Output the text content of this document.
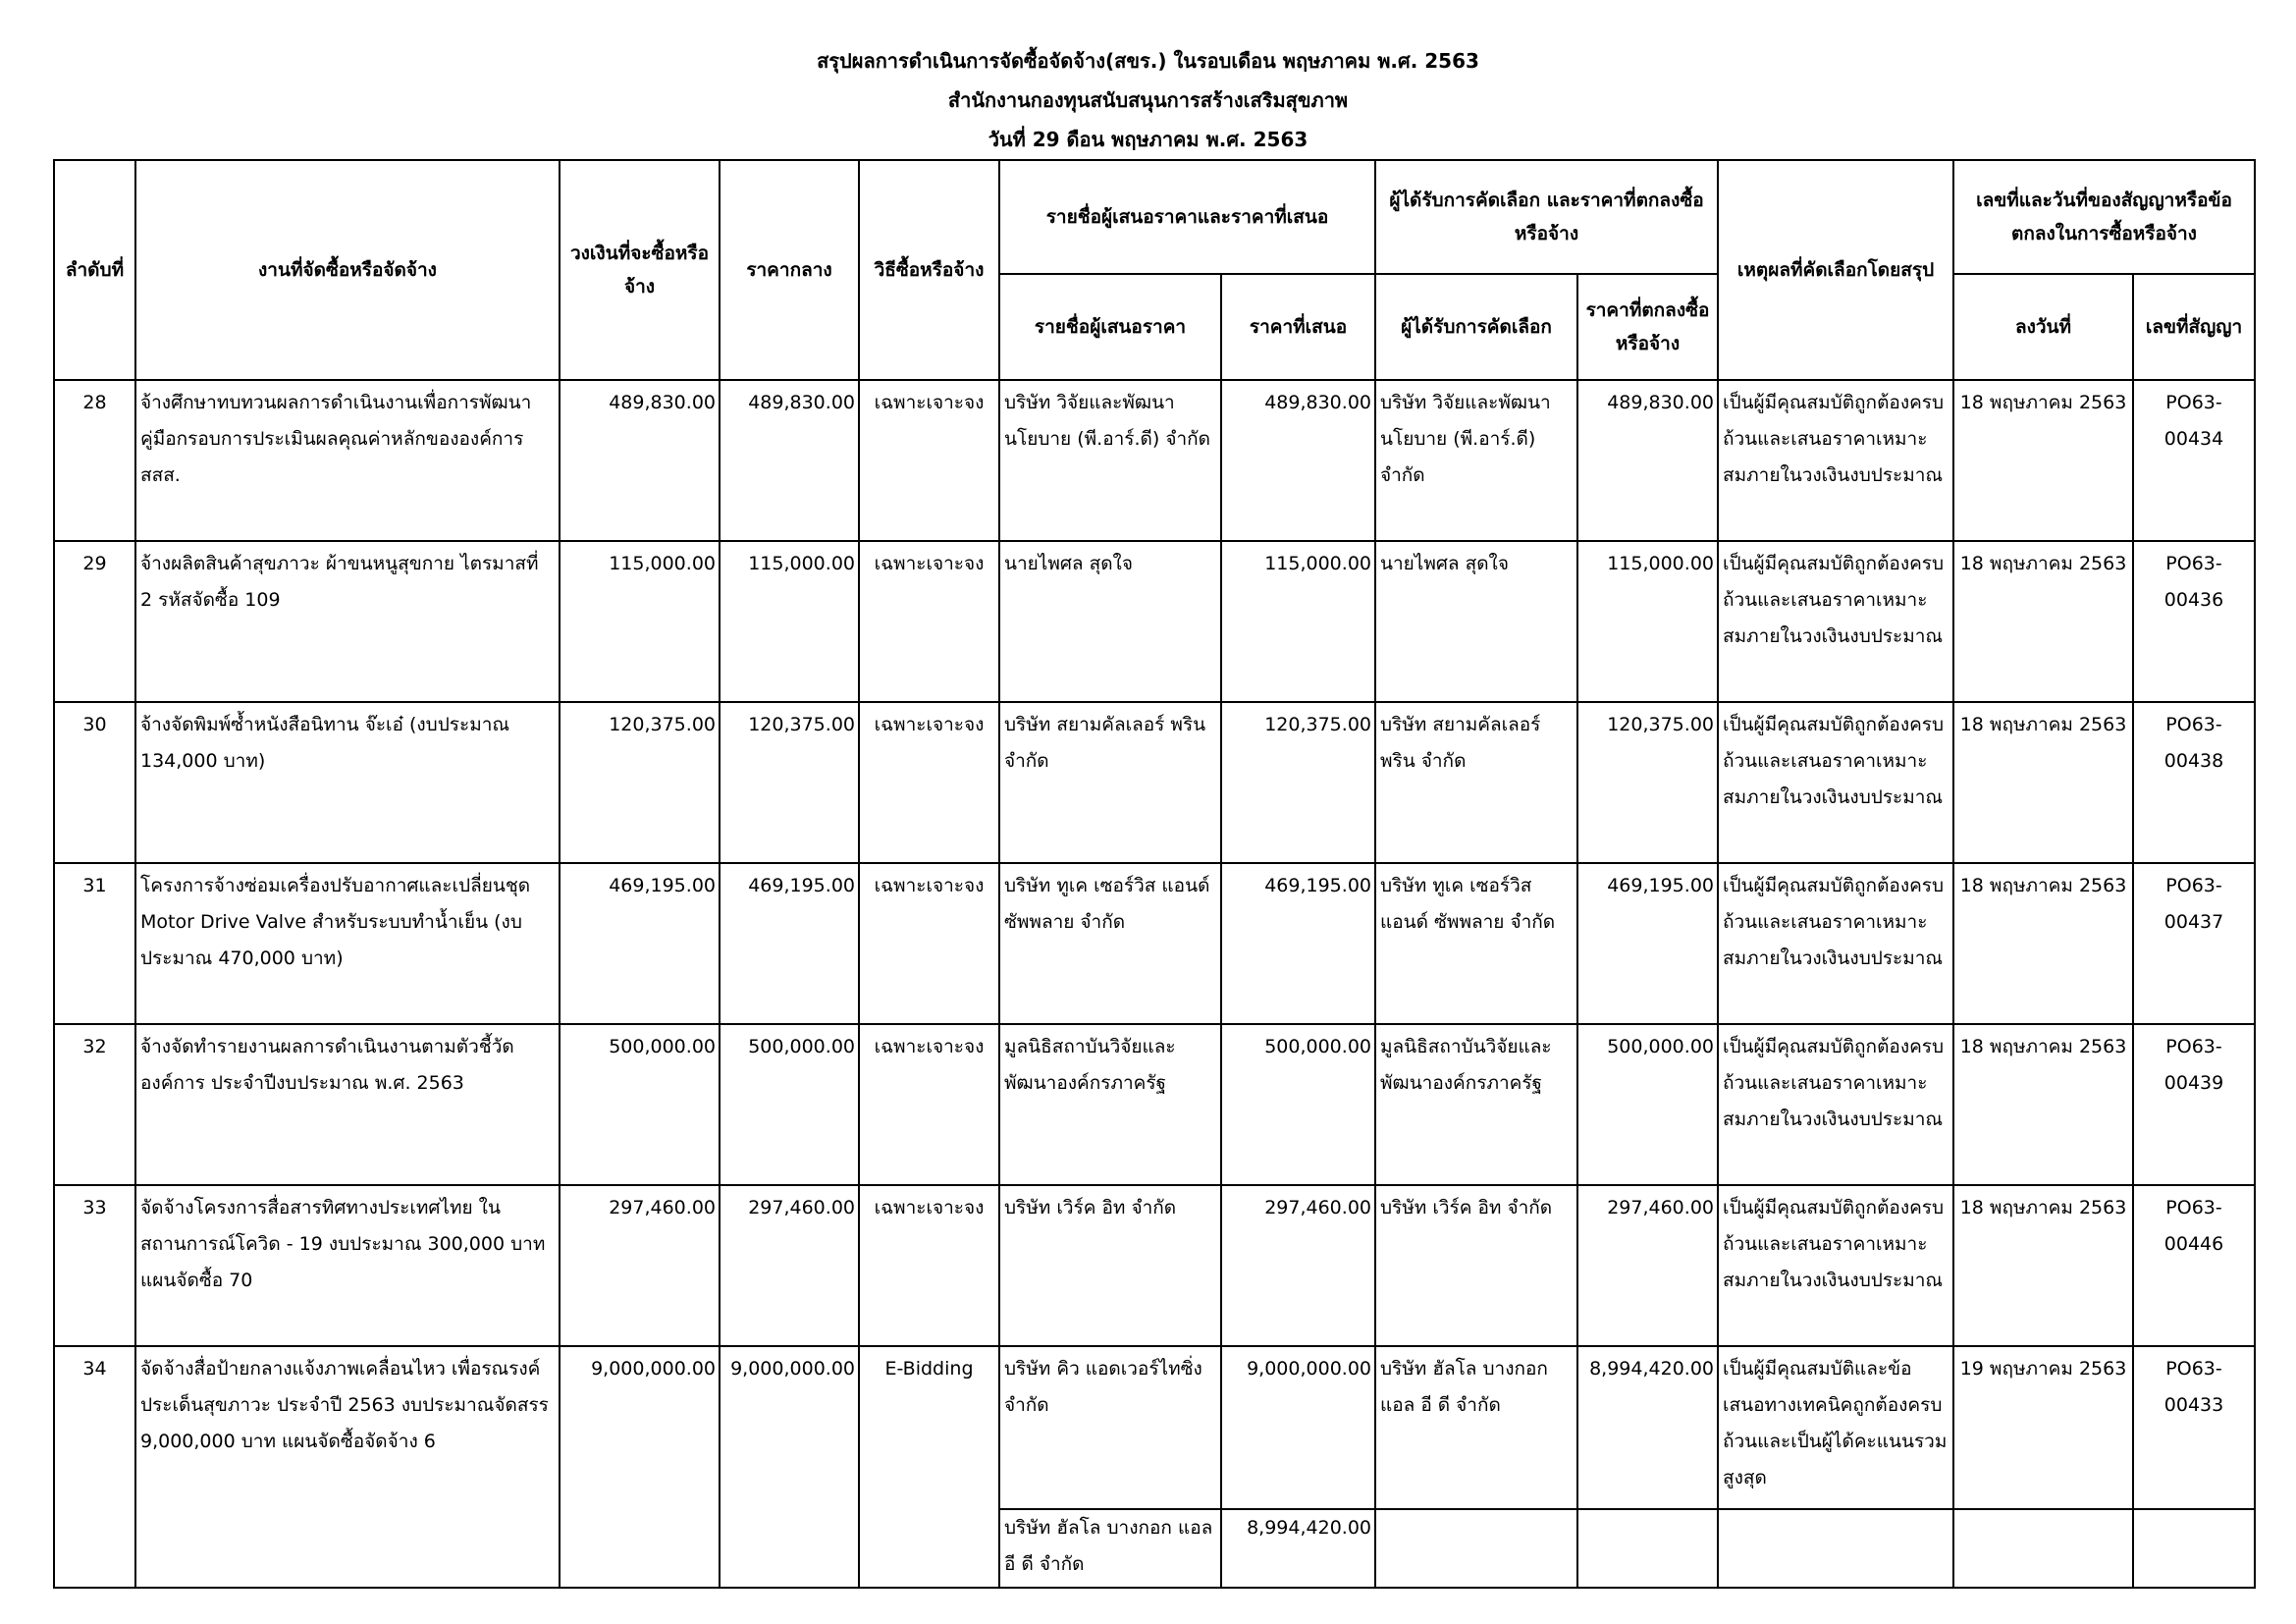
สรุปผลการดำเนินการจัดซื้อจัดจ้าง(สขร.) ในรอบเดือน พฤษภาคม พ.ศ. 2563
สำนักงานกองทุนสนับสนุนการสร้างเสริมสุขภาพ
วันที่ 29 ดือน พฤษภาคม พ.ศ. 2563
ลำดับที่	งานที่จัดซื้อหรือจัดจ้าง	วงเงินที่จะซื้อหรือจ้าง	ราคากลาง	วิธีซื้อหรือจ้าง	รายชื่อผู้เสนอราคาและราคาที่เสนอ		ผู้ได้รับการคัดเลือก และราคาที่ตกลงซื้อหรือจ้าง		เหตุผลที่คัดเลือกโดยสรุป	เลขที่และวันที่ของสัญญาหรือข้อตกลงในการซื้อหรือจ้าง	
					รายชื่อผู้เสนอราคา	ราคาที่เสนอ	ผู้ได้รับการคัดเลือก	ราคาที่ตกลงซื้อหรือจ้าง		ลงวันที่	เลขที่สัญญา
28	จ้างศึกษาทบทวนผลการดำเนินงานเพื่อการพัฒนาคู่มือกรอบการประเมินผลคุณค่าหลักขององค์การ สสส.	489,830.00	489,830.00	เฉพาะเจาะจง	บริษัท วิจัยและพัฒนานโยบาย (พี.อาร์.ดี) จำกัด	489,830.00	บริษัท วิจัยและพัฒนานโยบาย (พี.อาร์.ดี) จำกัด	489,830.00	เป็นผู้มีคุณสมบัติถูกต้องครบถ้วนและเสนอราคาเหมาะสมภายในวงเงินงบประมาณ	18 พฤษภาคม 2563	PO63-00434
29	จ้างผลิตสินค้าสุขภาวะ ผ้าขนหนูสุขกาย ไตรมาสที่ 2 รหัสจัดซื้อ 109	115,000.00	115,000.00	เฉพาะเจาะจง	นายไพศล สุดใจ	115,000.00	นายไพศล สุดใจ	115,000.00	เป็นผู้มีคุณสมบัติถูกต้องครบถ้วนและเสนอราคาเหมาะสมภายในวงเงินงบประมาณ	18 พฤษภาคม 2563	PO63-00436
30	จ้างจัดพิมพ์ซ้ำหนังสือนิทาน จ๊ะเอ๋ (งบประมาณ 134,000 บาท)	120,375.00	120,375.00	เฉพาะเจาะจง	บริษัท สยามคัลเลอร์ พริน จำกัด	120,375.00	บริษัท สยามคัลเลอร์ พริน จำกัด	120,375.00	เป็นผู้มีคุณสมบัติถูกต้องครบถ้วนและเสนอราคาเหมาะสมภายในวงเงินงบประมาณ	18 พฤษภาคม 2563	PO63-00438
31	โครงการจ้างซ่อมเครื่องปรับอากาศและเปลี่ยนชุด Motor Drive Valve สำหรับระบบทำน้ำเย็น (งบประมาณ 470,000 บาท)	469,195.00	469,195.00	เฉพาะเจาะจง	บริษัท ทูเค เซอร์วิส แอนด์ ซัพพลาย จำกัด	469,195.00	บริษัท ทูเค เซอร์วิส แอนด์ ซัพพลาย จำกัด	469,195.00	เป็นผู้มีคุณสมบัติถูกต้องครบถ้วนและเสนอราคาเหมาะสมภายในวงเงินงบประมาณ	18 พฤษภาคม 2563	PO63-00437
32	จ้างจัดทำรายงานผลการดำเนินงานตามตัวชี้วัดองค์การ ประจำปีงบประมาณ พ.ศ. 2563	500,000.00	500,000.00	เฉพาะเจาะจง	มูลนิธิสถาบันวิจัยและพัฒนาองค์กรภาครัฐ	500,000.00	มูลนิธิสถาบันวิจัยและพัฒนาองค์กรภาครัฐ	500,000.00	เป็นผู้มีคุณสมบัติถูกต้องครบถ้วนและเสนอราคาเหมาะสมภายในวงเงินงบประมาณ	18 พฤษภาคม 2563	PO63-00439
33	จัดจ้างโครงการสื่อสารทิศทางประเทศไทย ในสถานการณ์โควิด - 19 งบประมาณ 300,000 บาท แผนจัดซื้อ 70	297,460.00	297,460.00	เฉพาะเจาะจง	บริษัท เวิร์ค อิท จำกัด	297,460.00	บริษัท เวิร์ค อิท จำกัด	297,460.00	เป็นผู้มีคุณสมบัติถูกต้องครบถ้วนและเสนอราคาเหมาะสมภายในวงเงินงบประมาณ	18 พฤษภาคม 2563	PO63-00446
34	จัดจ้างสื่อป้ายกลางแจ้งภาพเคลื่อนไหว เพื่อรณรงค์ประเด็นสุขภาวะ ประจำปี 2563 งบประมาณจัดสรร 9,000,000 บาท แผนจัดซื้อจัดจ้าง 6	9,000,000.00	9,000,000.00	E-Bidding	บริษัท คิว แอดเวอร์ไทซิ่ง จำกัด	9,000,000.00	บริษัท ฮัลโล บางกอก แอล อี ดี จำกัด	8,994,420.00	เป็นผู้มีคุณสมบัติและข้อเสนอทางเทคนิคถูกต้องครบถ้วนและเป็นผู้ได้คะแนนรวมสูงสุด	19 พฤษภาคม 2563	PO63-00433
					บริษัท ฮัลโล บางกอก แอล อี ดี จำกัด	8,994,420.00					
